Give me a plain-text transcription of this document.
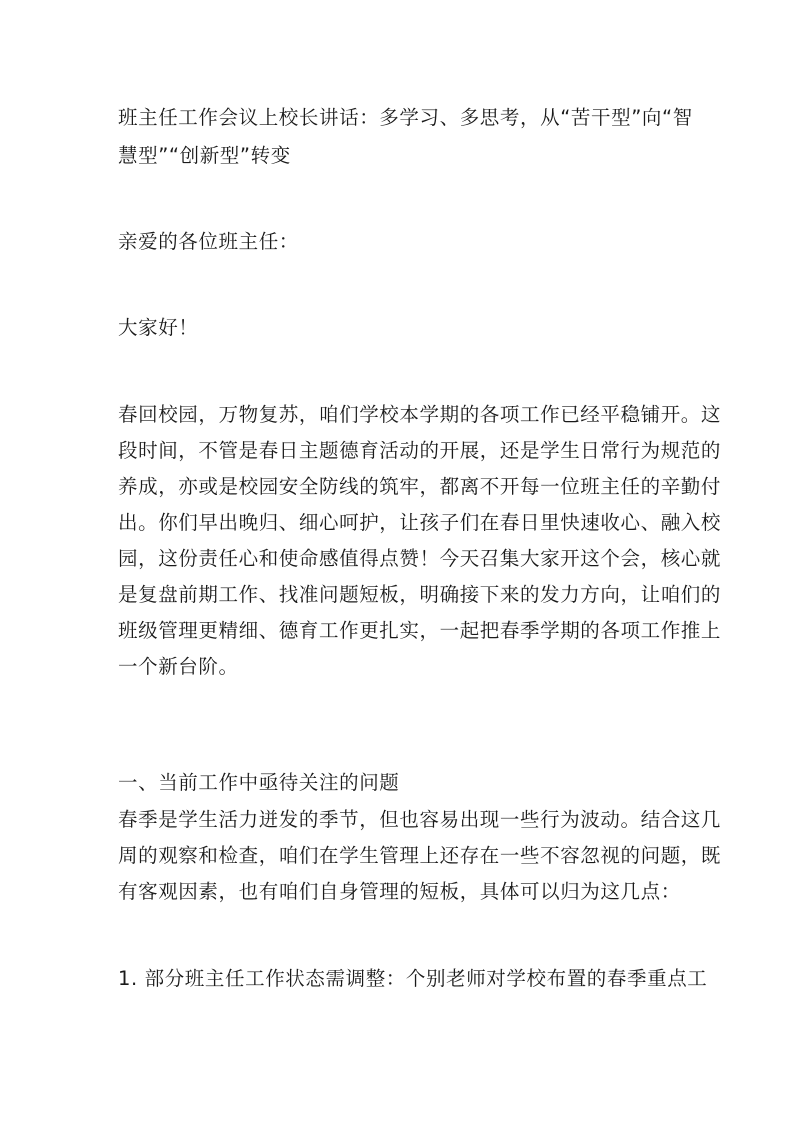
班主任工作会议上校长讲话：多学习、多思考，从“苦干型”向“智
慧型”“创新型”转变
亲爱的各位班主任：
大家好！
春回校园，万物复苏，咱们学校本学期的各项工作已经平稳铺开。这
段时间，不管是春日主题德育活动的开展，还是学生日常行为规范的
养成，亦或是校园安全防线的筑牢，都离不开每一位班主任的辛勤付
出。你们早出晚归、细心呵护，让孩子们在春日里快速收心、融入校
园，这份责任心和使命感值得点赞！今天召集大家开这个会，核心就
是复盘前期工作、找准问题短板，明确接下来的发力方向，让咱们的
班级管理更精细、德育工作更扎实，一起把春季学期的各项工作推上
一个新台阶。
一、当前工作中亟待关注的问题
春季是学生活力迸发的季节，但也容易出现一些行为波动。结合这几
周的观察和检查，咱们在学生管理上还存在一些不容忽视的问题，既
有客观因素，也有咱们自身管理的短板，具体可以归为这几点：
1. 部分班主任工作状态需调整：个别老师对学校布置的春季重点工
